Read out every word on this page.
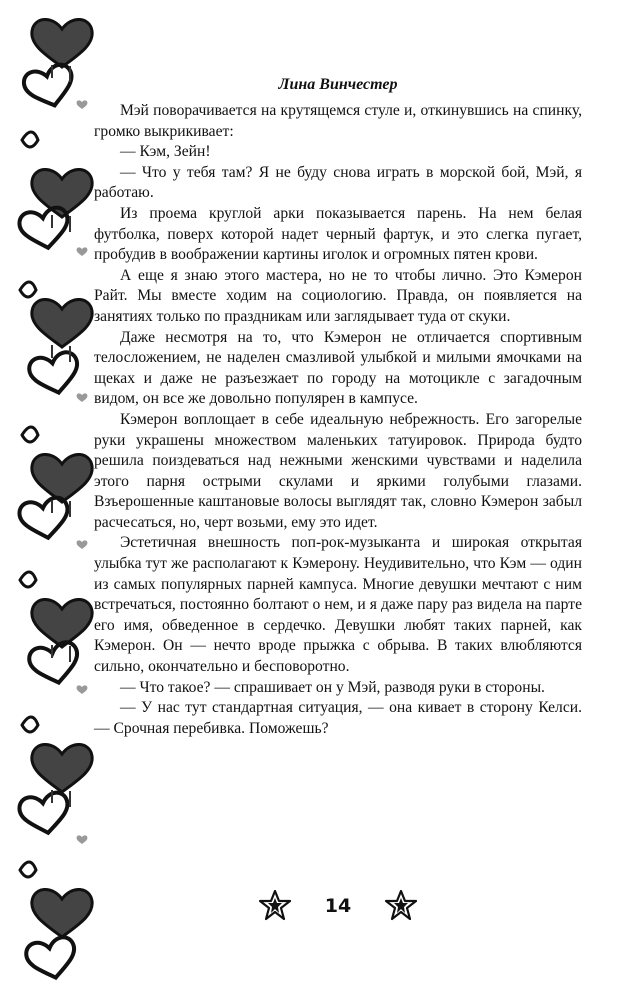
Лина Винчестер

Мэй поворачивается на крутящемся стуле и, откинувшись на спинку, громко выкрикивает:

— Кэм, Зейн!

— Что у тебя там? Я не буду снова играть в морской бой, Мэй, я работаю.

Из проема круглой арки показывается парень. На нем белая футболка, поверх которой надет черный фартук, и это слегка пугает, пробудив в воображении картины иголок и огромных пятен крови.

А еще я знаю этого мастера, но не то чтобы лично. Это Кэмерон Райт. Мы вместе ходим на социологию. Правда, он появляется на занятиях только по праздникам или заглядывает туда от скуки.

Даже несмотря на то, что Кэмерон не отличается спортивным телосложением, не наделен смазливой улыбкой и милыми ямочками на щеках и даже не разъезжает по городу на мотоцикле с загадочным видом, он все же довольно популярен в кампусе.

Кэмерон воплощает в себе идеальную небрежность. Его загорелые руки украшены множеством маленьких татуировок. Природа будто решила поиздеваться над нежными женскими чувствами и наделила этого парня острыми скулами и яркими голубыми глазами. Взъерошенные каштановые волосы выглядят так, словно Кэмерон забыл расчесаться, но, черт возьми, ему это идет.

Эстетичная внешность поп-рок-музыканта и широкая открытая улыбка тут же располагают к Кэмерону. Неудивительно, что Кэм — один из самых популярных парней кампуса. Многие девушки мечтают с ним встречаться, постоянно болтают о нем, и я даже пару раз видела на парте его имя, обведенное в сердечко. Девушки любят таких парней, как Кэмерон. Он — нечто вроде прыжка с обрыва. В таких влюбляются сильно, окончательно и бесповоротно.

— Что такое? — спрашивает он у Мэй, разводя руки в стороны.

— У нас тут стандартная ситуация, — она кивает в сторону Келси. — Срочная перебивка. Поможешь?

14
